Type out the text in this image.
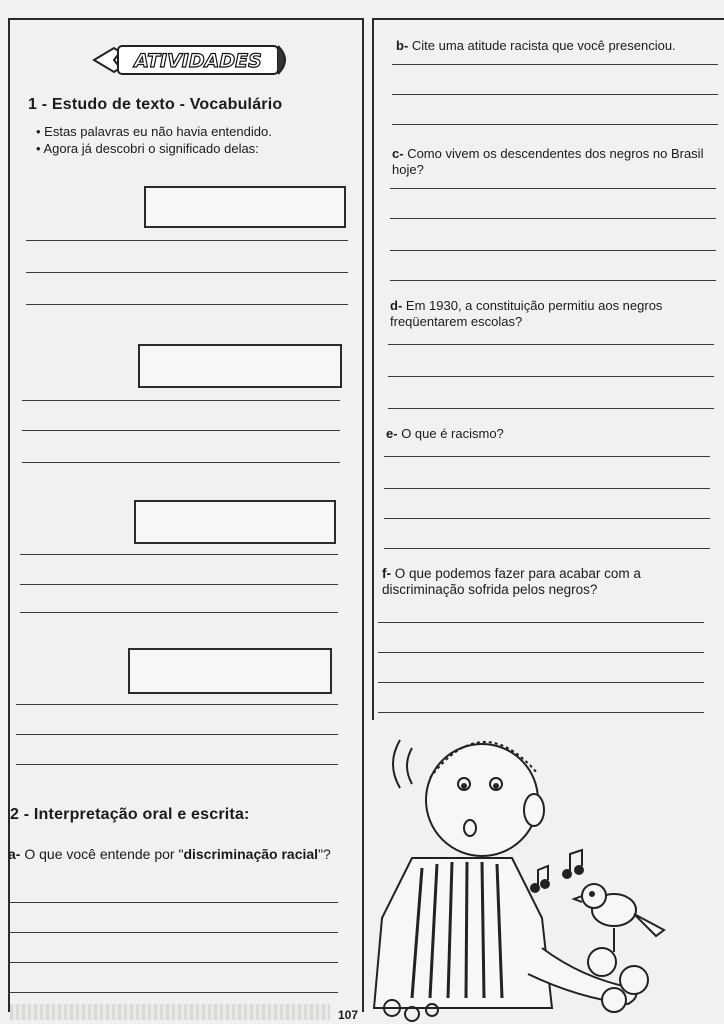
ATIVIDADES
1 - Estudo de texto - Vocabulário
• Estas palavras eu não havia entendido.
• Agora já descobri o significado delas:
2 - Interpretação oral e escrita:
a- O que você entende por "discriminação racial"?
b- Cite uma atitude racista que você presenciou.
c- Como vivem os descendentes dos negros no Brasil hoje?
d- Em 1930, a constituição permitiu aos negros freqüentarem escolas?
e- O que é racismo?
f- O que podemos fazer para acabar com a discriminação sofrida pelos negros?
107
